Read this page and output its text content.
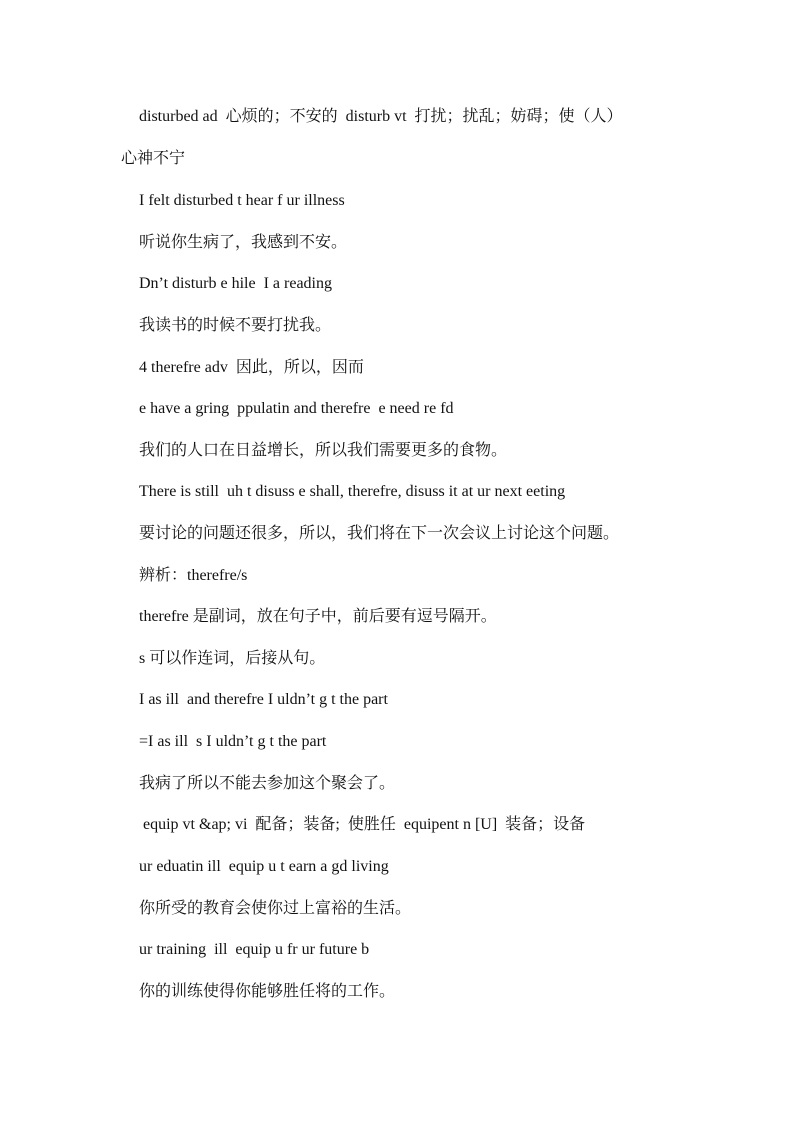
disturbed ad  心烦的；不安的  disturb vt  打扰；扰乱；妨碍；使（人）
心神不宁
I felt disturbed t hear f ur illness
听说你生病了，我感到不安。
Dn’t disturb e hile  I a reading
我读书的时候不要打扰我。
4 therefre adv  因此，所以，因而
e have a gring  ppulatin and therefre  e need re fd
我们的人口在日益增长，所以我们需要更多的食物。
There is still  uh t disuss e shall, therefre, disuss it at ur next eeting
要讨论的问题还很多，所以，我们将在下一次会议上讨论这个问题。
辨析：therefre/s
therefre 是副词，放在句子中，前后要有逗号隔开。
s 可以作连词，后接从句。
I as ill  and therefre I uldn’t g t the part
=I as ill  s I uldn’t g t the part
我病了所以不能去参加这个聚会了。
equip vt &ap; vi  配备；装备;  使胜任  equipent n [U]  装备；设备
ur eduatin ill  equip u t earn a gd living
你所受的教育会使你过上富裕的生活。
ur training  ill  equip u fr ur future b
你的训练使得你能够胜任将的工作。
